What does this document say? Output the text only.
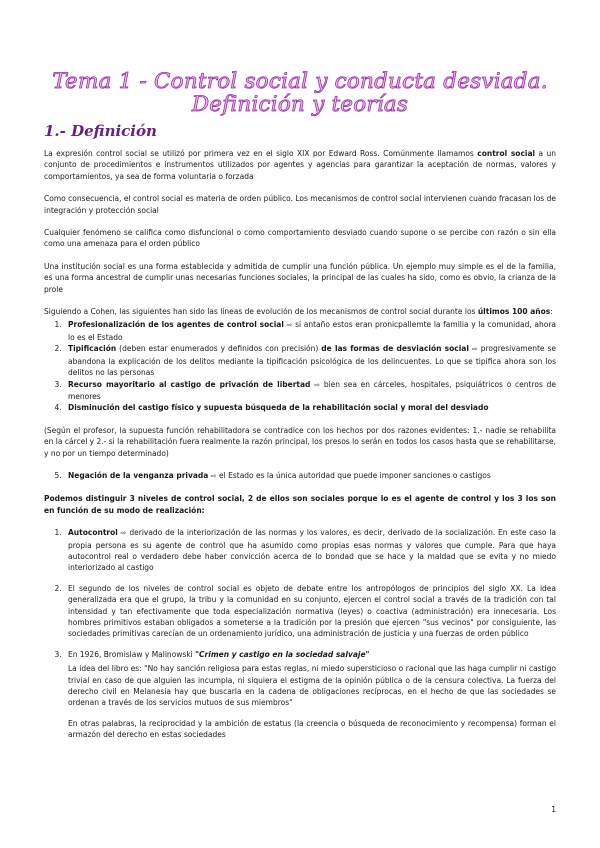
Tema 1 - Control social y conducta desviada.
Definición y teorías
1.- Definición

La expresión control social se utilizó por primera vez en el siglo XIX por Edward Ross. Comúnmente llamamos control social a un conjunto de procedimientos e instrumentos utilizados por agentes y agencias para garantizar la aceptación de normas, valores y comportamientos, ya sea de forma voluntaria o forzada

Como consecuencia, el control social es materia de orden público. Los mecanismos de control social intervienen cuando fracasan los de integración y protección social

Cualquier fenómeno se califica como disfuncional o como comportamiento desviado cuando supone o se percibe con razón o sin ella como una amenaza para el orden público

Una institución social es una forma establecida y admitida de cumplir una función pública. Un ejemplo muy simple es el de la familia, es una forma ancestral de cumplir unas necesarias funciones sociales, la principal de las cuales ha sido, como es obvio, la crianza de la prole

Siguiendo a Cohen, las siguientes han sido las líneas de evolución de los mecanismos de control social durante los últimos 100 años:

1. Profesionalización de los agentes de control social ⇨ si antaño estos eran pronicpallemte la familia y la comunidad, ahora lo es el Estado
2. Tipificación (deben estar enumerados y definidos con precisión) de las formas de desviación social ⇨ progresivamente se abandona la explicación de los delitos mediante la tipificación psicológica de los delincuentes. Lo que se tipifica ahora son los delitos no las personas
3. Recurso mayoritario al castigo de privación de libertad ⇨ bien sea en cárceles, hospitales, psiquiátricos o centros de menores
4. Disminución del castigo físico y supuesta búsqueda de la rehabilitación social y moral del desviado

(Según el profesor, la supuesta función rehabilitadora se contradice con los hechos por dos razones evidentes: 1.- nadie se rehabilita en la cárcel y 2.- si la rehabilitación fuera realmente la razón principal, los presos lo serán en todos los casos hasta que se rehabilitarse, y no por un tiempo determinado)

5. Negación de la venganza privada ⇨ el Estado es la única autoridad que puede imponer sanciones o castigos

Podemos distinguir 3 niveles de control social, 2 de ellos son sociales porque lo es el agente de control y los 3 los son en función de su modo de realización:

1. Autocontrol ⇨ derivado de la interiorización de las normas y los valores, es decir, derivado de la socialización. En este caso la propia persona es su agente de control que ha asumido como propias esas normas y valores que cumple. Para que haya autocontrol real o verdadero debe haber convicción acerca de lo bondad que se hace y la maldad que se evita y no miedo interiorizado al castigo
2. El segundo de los niveles de control social es objeto de debate entre los antropólogos de principios del siglo XX. La idea generalizada era que el grupo, la tribu y la comunidad en su conjunto, ejercen el control social a través de la tradición con tal intensidad y tan efectivamente que toda especialización normativa (leyes) o coactiva (administración) era innecesaria. Los hombres primitivos estaban obligados a someterse a la tradición por la presión que ejercen "sus vecinos" por consiguiente, las sociedades primitivas carecían de un ordenamiento jurídico, una administración de justicia y una fuerzas de orden público
3. En 1926, Bromislaw y Malinowski "Crimen y castigo en la sociedad salvaje"

La idea del libro es: "No hay sanción religiosa para estas reglas, ni miedo supersticioso o racional que las haga cumplir ni castigo trivial en caso de que alguien las incumpla, ni siquiera el estigma de la opinión pública o de la censura colectiva. La fuerza del derecho civil en Melanesia hay que buscarla en la cadena de obligaciones recíprocas, en el hecho de que las sociedades se ordenan a través de los servicios mutuos de sus miembros"

En otras palabras, la reciprocidad y la ambición de estatus (la creencia o búsqueda de reconocimiento y recompensa) forman el armazón del derecho en estas sociedades

1
